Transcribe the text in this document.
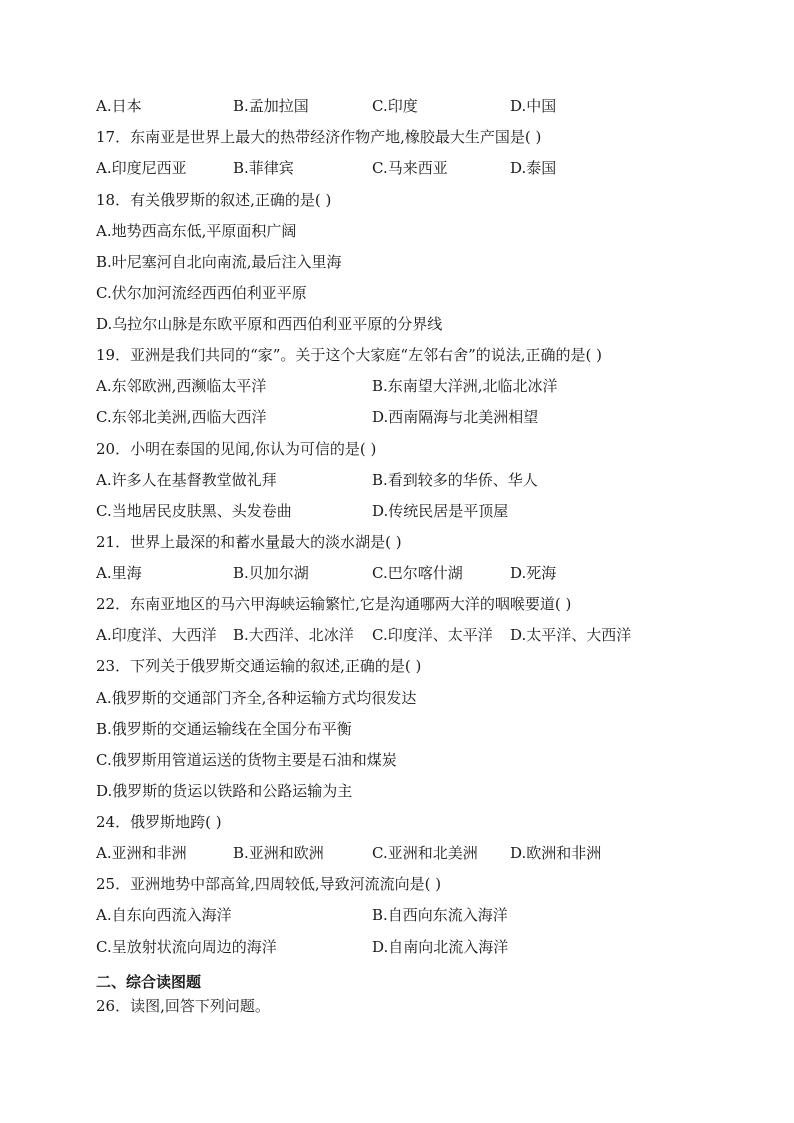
A.日本	B.孟加拉国	C.印度	D.中国
17．东南亚是世界上最大的热带经济作物产地,橡胶最大生产国是( )
A.印度尼西亚	B.菲律宾	C.马来西亚	D.泰国
18．有关俄罗斯的叙述,正确的是( )
A.地势西高东低,平原面积广阔
B.叶尼塞河自北向南流,最后注入里海
C.伏尔加河流经西西伯利亚平原
D.乌拉尔山脉是东欧平原和西西伯利亚平原的分界线
19．亚洲是我们共同的“家”。关于这个大家庭“左邻右舍”的说法,正确的是( )
A.东邻欧洲,西濒临太平洋	B.东南望大洋洲,北临北冰洋
C.东邻北美洲,西临大西洋	D.西南隔海与北美洲相望
20．小明在泰国的见闻,你认为可信的是( )
A.许多人在基督教堂做礼拜	B.看到较多的华侨、华人
C.当地居民皮肤黑、头发卷曲	D.传统民居是平顶屋
21．世界上最深的和蓄水量最大的淡水湖是( )
A.里海	B.贝加尔湖	C.巴尔喀什湖	D.死海
22．东南亚地区的马六甲海峡运输繁忙,它是沟通哪两大洋的咽喉要道( )
A.印度洋、大西洋 B.大西洋、北冰洋 C.印度洋、太平洋 D.太平洋、大西洋
23．下列关于俄罗斯交通运输的叙述,正确的是( )
A.俄罗斯的交通部门齐全,各种运输方式均很发达
B.俄罗斯的交通运输线在全国分布平衡
C.俄罗斯用管道运送的货物主要是石油和煤炭
D.俄罗斯的货运以铁路和公路运输为主
24．俄罗斯地跨( )
A.亚洲和非洲	B.亚洲和欧洲	C.亚洲和北美洲 D.欧洲和非洲
25．亚洲地势中部高耸,四周较低,导致河流流向是( )
A.自东向西流入海洋	B.自西向东流入海洋
C.呈放射状流向周边的海洋	D.自南向北流入海洋
二、综合读图题
26．读图,回答下列问题。
